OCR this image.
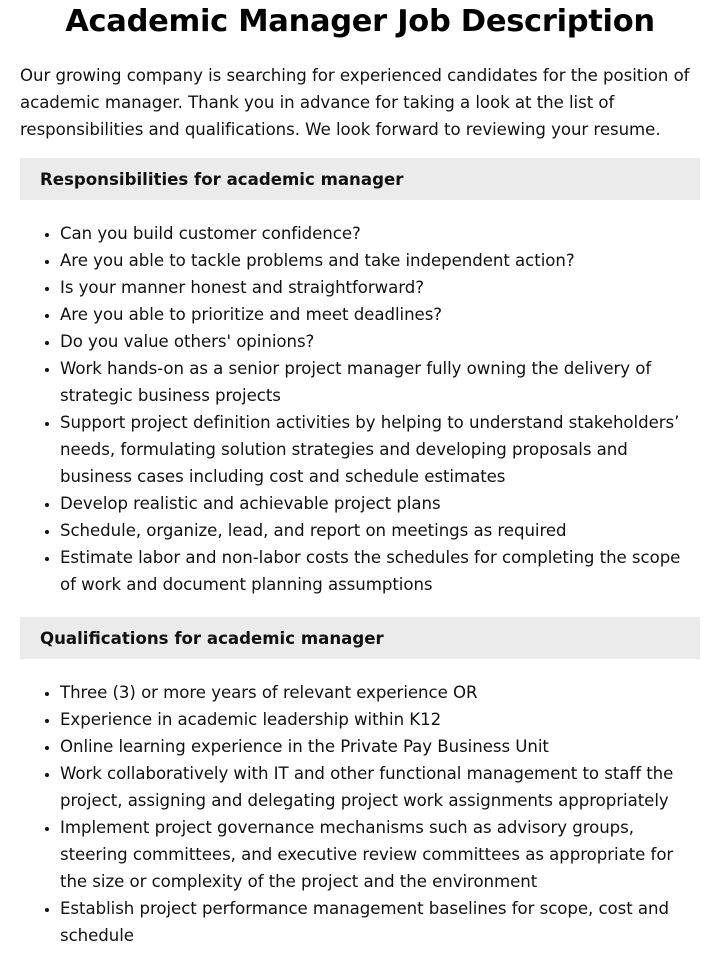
Academic Manager Job Description

Our growing company is searching for experienced candidates for the position of academic manager. Thank you in advance for taking a look at the list of responsibilities and qualifications. We look forward to reviewing your resume.

Responsibilities for academic manager
• Can you build customer confidence?
• Are you able to tackle problems and take independent action?
• Is your manner honest and straightforward?
• Are you able to prioritize and meet deadlines?
• Do you value others' opinions?
• Work hands-on as a senior project manager fully owning the delivery of strategic business projects
• Support project definition activities by helping to understand stakeholders’ needs, formulating solution strategies and developing proposals and business cases including cost and schedule estimates
• Develop realistic and achievable project plans
• Schedule, organize, lead, and report on meetings as required
• Estimate labor and non-labor costs the schedules for completing the scope of work and document planning assumptions
Qualifications for academic manager
• Three (3) or more years of relevant experience OR
• Experience in academic leadership within K12
• Online learning experience in the Private Pay Business Unit
• Work collaboratively with IT and other functional management to staff the project, assigning and delegating project work assignments appropriately
• Implement project governance mechanisms such as advisory groups, steering committees, and executive review committees as appropriate for the size or complexity of the project and the environment
• Establish project performance management baselines for scope, cost and schedule
